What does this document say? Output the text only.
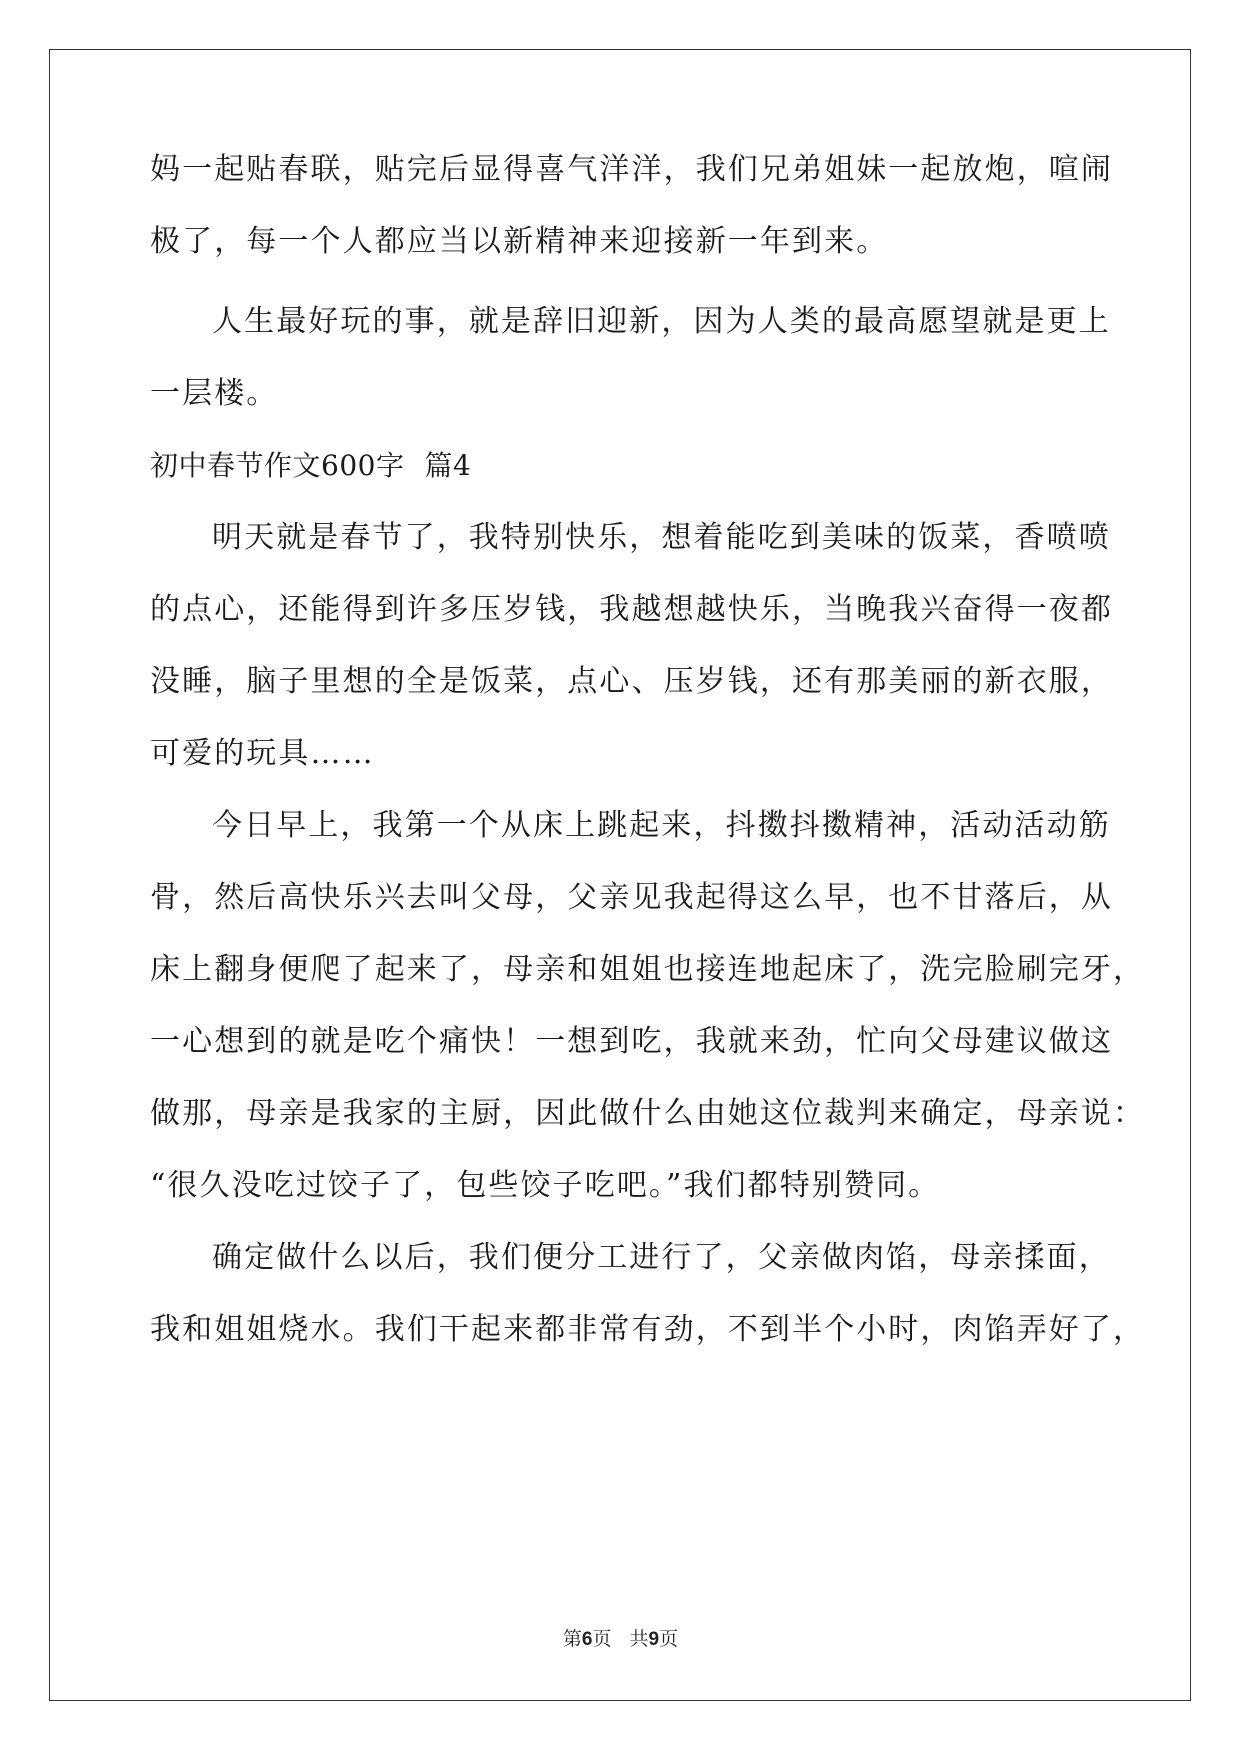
妈一起贴春联，贴完后显得喜气洋洋，我们兄弟姐妹一起放炮，喧闹
极了，每一个人都应当以新精神来迎接新一年到来。
人生最好玩的事，就是辞旧迎新，因为人类的最高愿望就是更上
一层楼。
初中春节作文600字 篇4
明天就是春节了，我特别快乐，想着能吃到美味的饭菜，香喷喷
的点心，还能得到许多压岁钱，我越想越快乐，当晚我兴奋得一夜都
没睡，脑子里想的全是饭菜，点心、压岁钱，还有那美丽的新衣服，
可爱的玩具……
今日早上，我第一个从床上跳起来，抖擞抖擞精神，活动活动筋
骨，然后高快乐兴去叫父母，父亲见我起得这么早，也不甘落后，从
床上翻身便爬了起来了，母亲和姐姐也接连地起床了，洗完脸刷完牙，
一心想到的就是吃个痛快！一想到吃，我就来劲，忙向父母建议做这
做那，母亲是我家的主厨，因此做什么由她这位裁判来确定，母亲说：
“很久没吃过饺子了，包些饺子吃吧。”我们都特别赞同。
确定做什么以后，我们便分工进行了，父亲做肉馅，母亲揉面，
我和姐姐烧水。我们干起来都非常有劲，不到半个小时，肉馅弄好了，
第6页 共9页
